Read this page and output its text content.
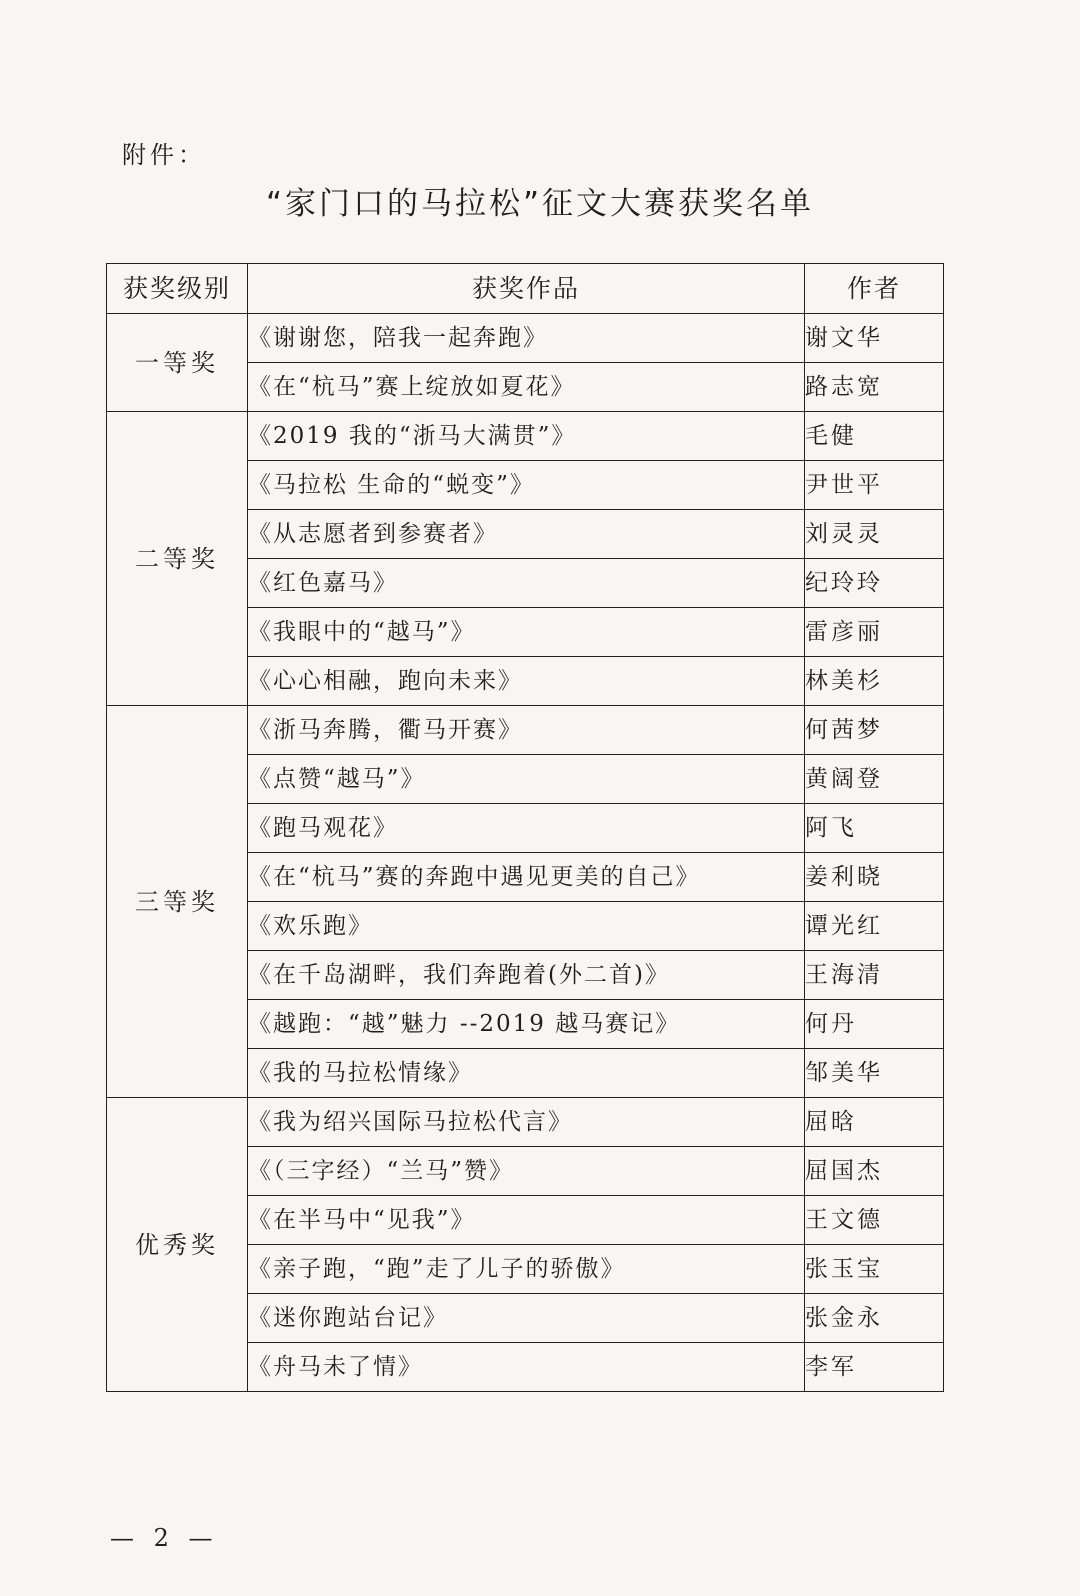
附件：
“家门口的马拉松”征文大赛获奖名单
获奖级别	获奖作品	作者
一等奖	《谢谢您，陪我一起奔跑》	谢文华
	《在“杭马”赛上绽放如夏花》	路志宽
二等奖	《2019 我的“浙马大满贯”》	毛健
	《马拉松 生命的“蜕变”》	尹世平
	《从志愿者到参赛者》	刘灵灵
	《红色嘉马》	纪玲玲
	《我眼中的“越马”》	雷彦丽
	《心心相融，跑向未来》	林美杉
三等奖	《浙马奔腾，衢马开赛》	何茜梦
	《点赞“越马”》	黄阔登
	《跑马观花》	阿飞
	《在“杭马”赛的奔跑中遇见更美的自己》	姜利晓
	《欢乐跑》	谭光红
	《在千岛湖畔，我们奔跑着(外二首)》	王海清
	《越跑：“越”魅力 --2019 越马赛记》	何丹
	《我的马拉松情缘》	邹美华
优秀奖	《我为绍兴国际马拉松代言》	屈晗
	《（三字经）“兰马”赞》	屈国杰
	《在半马中“见我”》	王文德
	《亲子跑，“跑”走了儿子的骄傲》	张玉宝
	《迷你跑站台记》	张金永
	《舟马未了情》	李军
— 2 —
